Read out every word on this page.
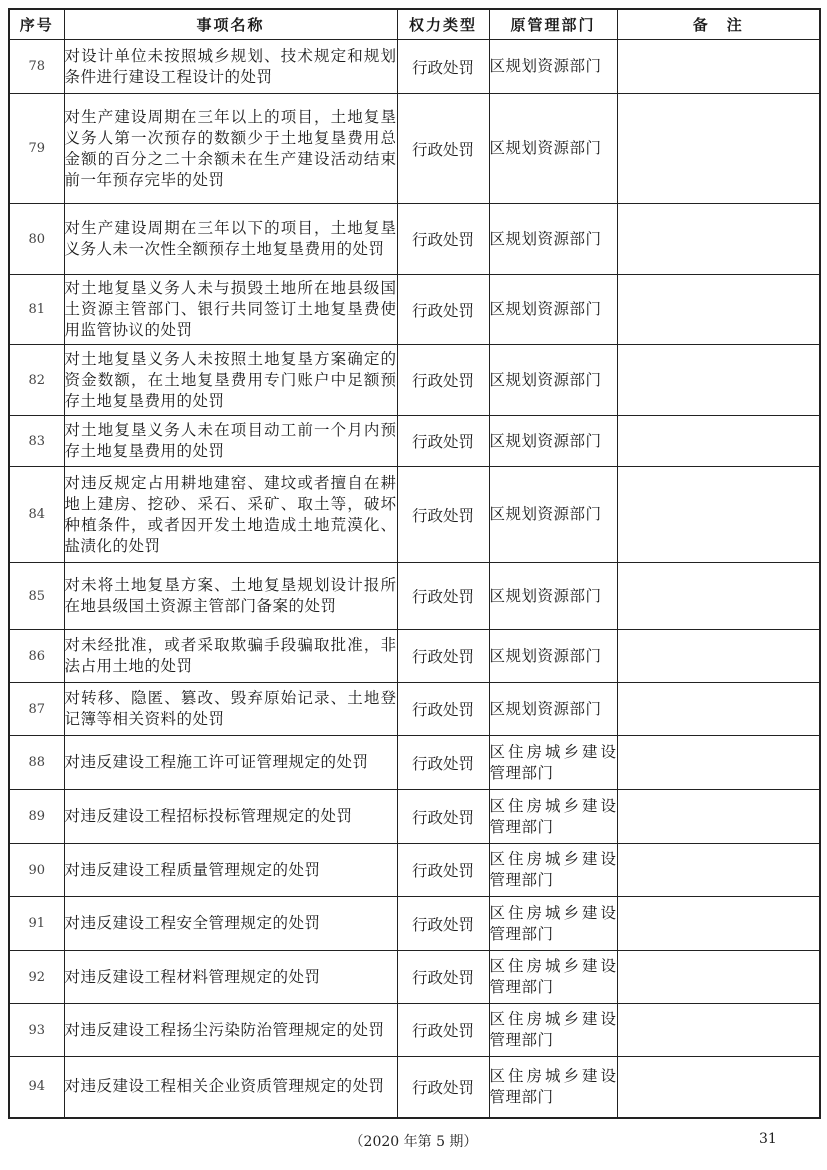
序号	事项名称	权力类型	原管理部门	备　注
78	对设计单位未按照城乡规划、技术规定和规划条件进行建设工程设计的处罚	行政处罚	区规划资源部门	
79	对生产建设周期在三年以上的项目，土地复垦义务人第一次预存的数额少于土地复垦费用总金额的百分之二十余额未在生产建设活动结束前一年预存完毕的处罚	行政处罚	区规划资源部门	
80	对生产建设周期在三年以下的项目，土地复垦义务人未一次性全额预存土地复垦费用的处罚	行政处罚	区规划资源部门	
81	对土地复垦义务人未与损毁土地所在地县级国土资源主管部门、银行共同签订土地复垦费使用监管协议的处罚	行政处罚	区规划资源部门	
82	对土地复垦义务人未按照土地复垦方案确定的资金数额，在土地复垦费用专门账户中足额预存土地复垦费用的处罚	行政处罚	区规划资源部门	
83	对土地复垦义务人未在项目动工前一个月内预存土地复垦费用的处罚	行政处罚	区规划资源部门	
84	对违反规定占用耕地建窑、建坟或者擅自在耕地上建房、挖砂、采石、采矿、取土等，破坏种植条件，或者因开发土地造成土地荒漠化、盐渍化的处罚	行政处罚	区规划资源部门	
85	对未将土地复垦方案、土地复垦规划设计报所在地县级国土资源主管部门备案的处罚	行政处罚	区规划资源部门	
86	对未经批准，或者采取欺骗手段骗取批准，非法占用土地的处罚	行政处罚	区规划资源部门	
87	对转移、隐匿、篡改、毁弃原始记录、土地登记簿等相关资料的处罚	行政处罚	区规划资源部门	
88	对违反建设工程施工许可证管理规定的处罚	行政处罚	区住房城乡建设管理部门	
89	对违反建设工程招标投标管理规定的处罚	行政处罚	区住房城乡建设管理部门	
90	对违反建设工程质量管理规定的处罚	行政处罚	区住房城乡建设管理部门	
91	对违反建设工程安全管理规定的处罚	行政处罚	区住房城乡建设管理部门	
92	对违反建设工程材料管理规定的处罚	行政处罚	区住房城乡建设管理部门	
93	对违反建设工程扬尘污染防治管理规定的处罚	行政处罚	区住房城乡建设管理部门	
94	对违反建设工程相关企业资质管理规定的处罚	行政处罚	区住房城乡建设管理部门	
（2020 年第 5 期）	31
